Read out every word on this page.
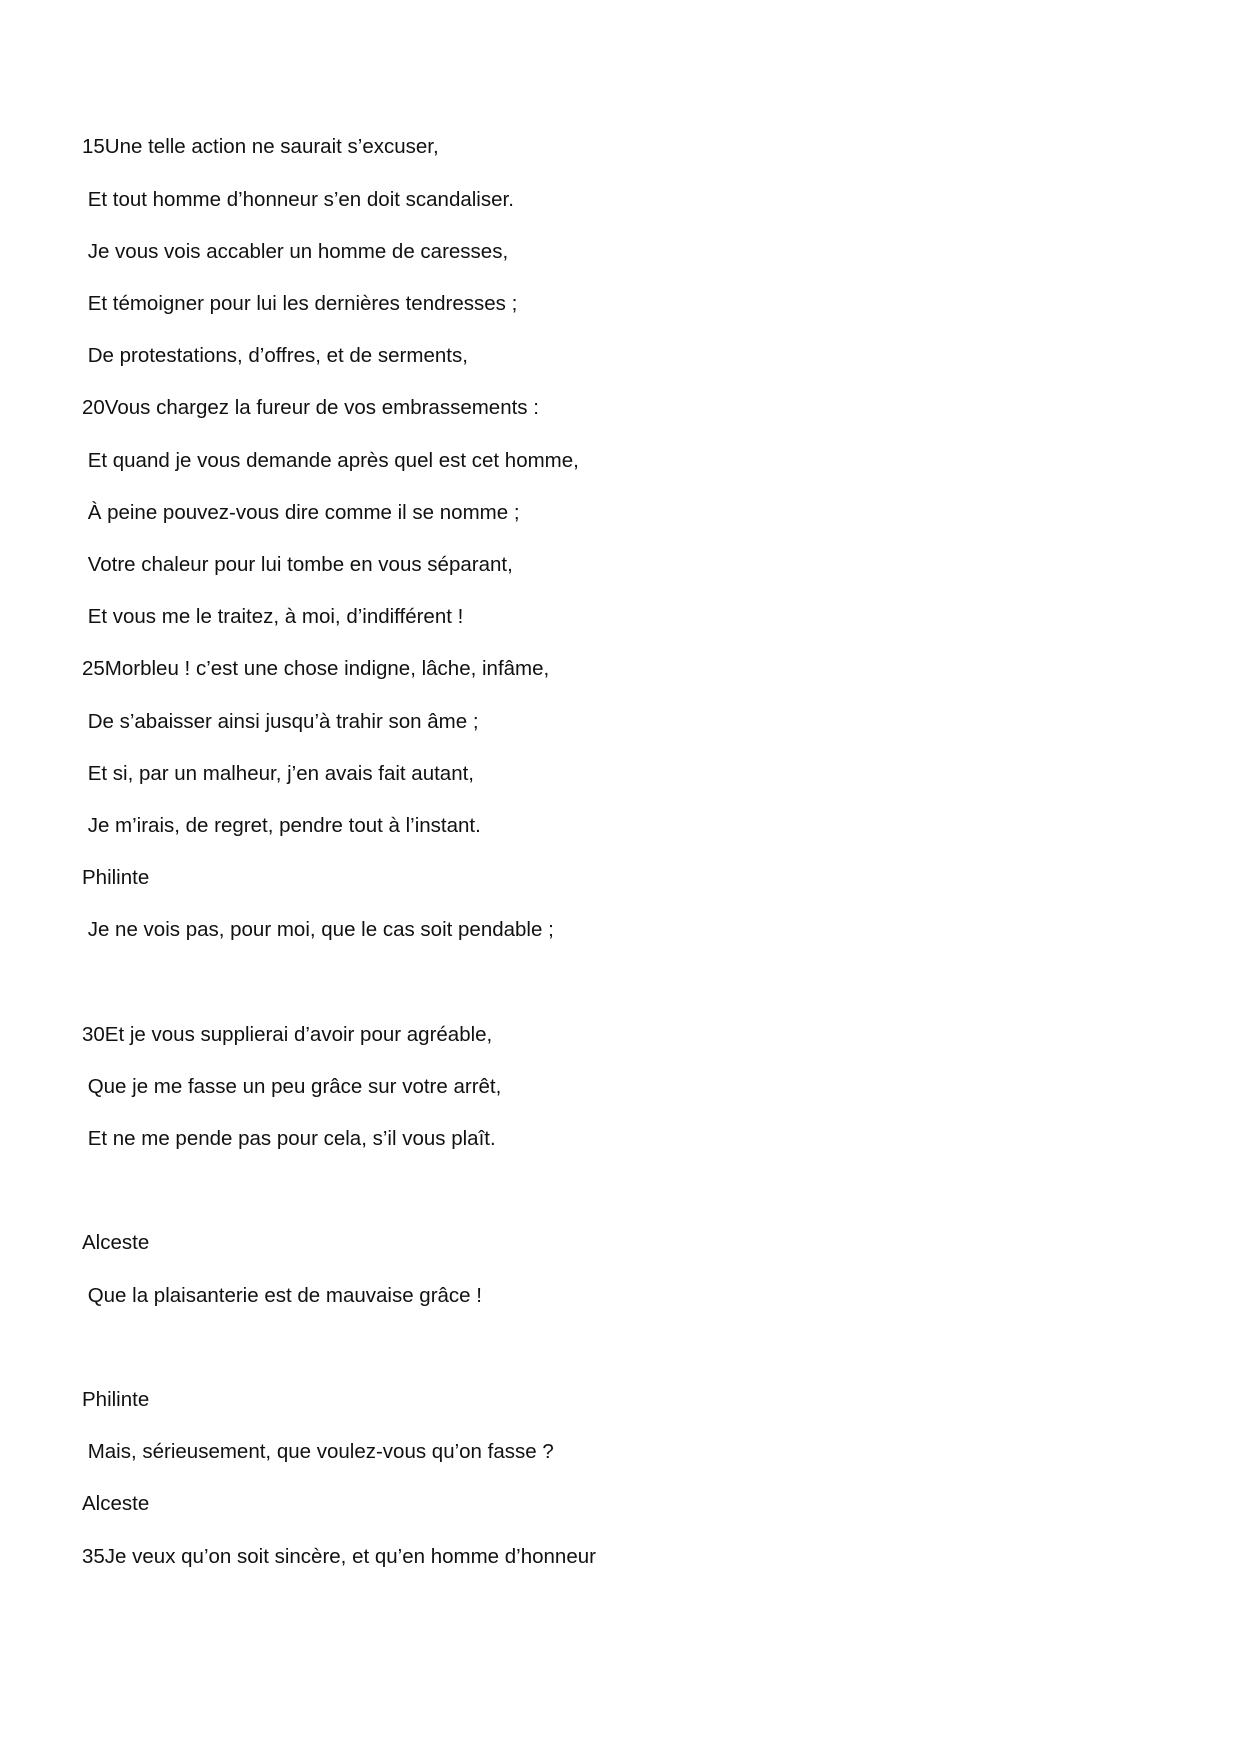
15Une telle action ne saurait s’excuser,
Et tout homme d’honneur s’en doit scandaliser.
Je vous vois accabler un homme de caresses,
Et témoigner pour lui les dernières tendresses ;
De protestations, d’offres, et de serments,
20Vous chargez la fureur de vos embrassements :
Et quand je vous demande après quel est cet homme,
À peine pouvez-vous dire comme il se nomme ;
Votre chaleur pour lui tombe en vous séparant,
Et vous me le traitez, à moi, d’indifférent !
25Morbleu ! c’est une chose indigne, lâche, infâme,
De s’abaisser ainsi jusqu’à trahir son âme ;
Et si, par un malheur, j’en avais fait autant,
Je m’irais, de regret, pendre tout à l’instant.
Philinte
Je ne vois pas, pour moi, que le cas soit pendable ;
30Et je vous supplierai d’avoir pour agréable,
Que je me fasse un peu grâce sur votre arrêt,
Et ne me pende pas pour cela, s’il vous plaît.
Alceste
Que la plaisanterie est de mauvaise grâce !
Philinte
Mais, sérieusement, que voulez-vous qu’on fasse ?
Alceste
35Je veux qu’on soit sincère, et qu’en homme d’honneur
